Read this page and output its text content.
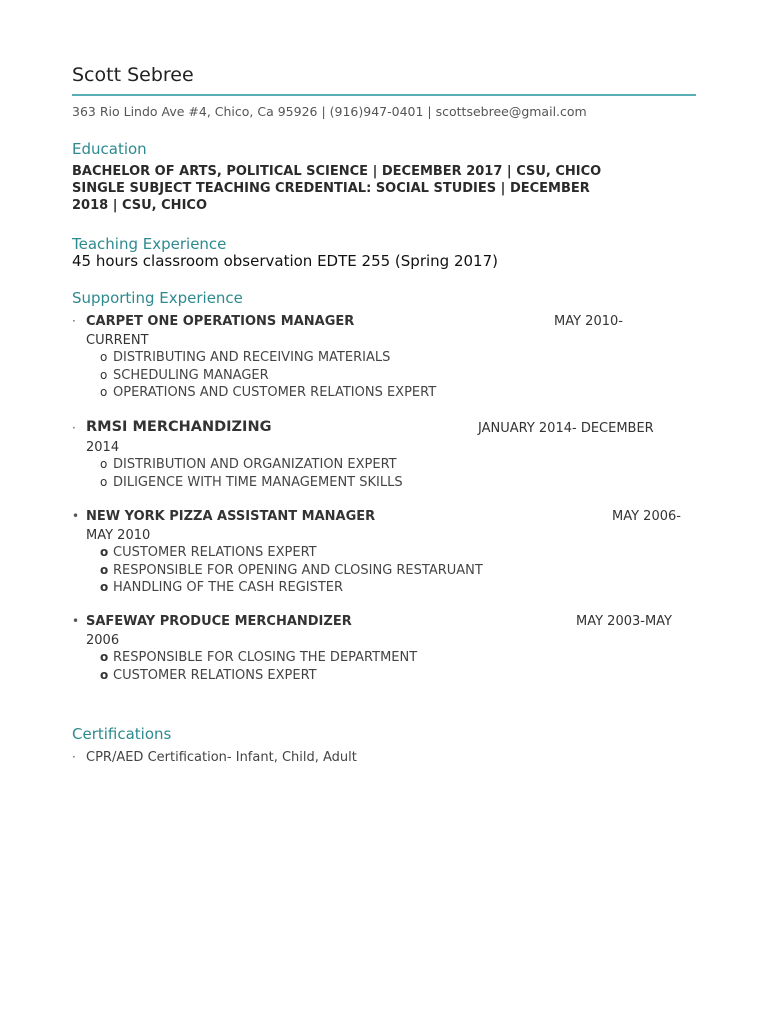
Scott Sebree
363 Rio Lindo Ave #4, Chico, Ca 95926 | (916)947-0401 | scottsebree@gmail.com
Education
BACHELOR OF ARTS, POLITICAL SCIENCE | DECEMBER 2017 | CSU, CHICO
SINGLE SUBJECT TEACHING CREDENTIAL: SOCIAL STUDIES | DECEMBER
2018 | CSU, CHICO
Teaching Experience
45 hours classroom observation EDTE 255 (Spring 2017)
Supporting Experience
· CARPET ONE OPERATIONS MANAGER	MAY 2010-
CURRENT
o DISTRIBUTING AND RECEIVING MATERIALS
o SCHEDULING MANAGER
o OPERATIONS AND CUSTOMER RELATIONS EXPERT
· RMSI MERCHANDIZING	JANUARY 2014- DECEMBER
2014
o DISTRIBUTION AND ORGANIZATION EXPERT
o DILIGENCE WITH TIME MANAGEMENT SKILLS
• NEW YORK PIZZA ASSISTANT MANAGER	MAY 2006-
MAY 2010
o CUSTOMER RELATIONS EXPERT
o RESPONSIBLE FOR OPENING AND CLOSING RESTARUANT
o HANDLING OF THE CASH REGISTER
• SAFEWAY PRODUCE MERCHANDIZER	MAY 2003-MAY
2006
o RESPONSIBLE FOR CLOSING THE DEPARTMENT
o CUSTOMER RELATIONS EXPERT
Certifications
· CPR/AED Certification- Infant, Child, Adult
